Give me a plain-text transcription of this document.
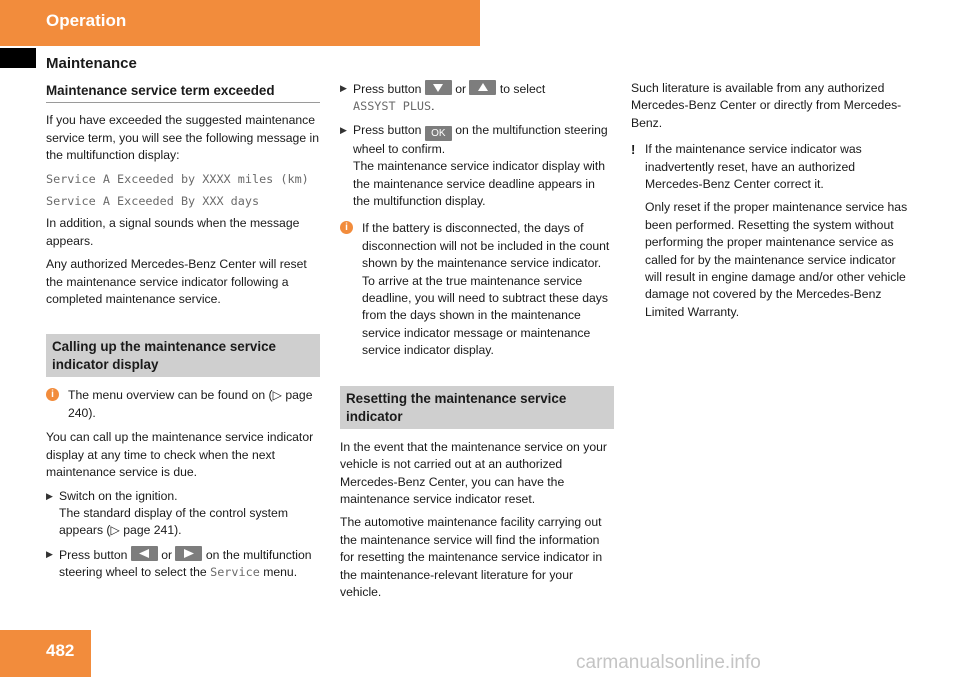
Operation
Maintenance
Maintenance service term exceeded

If you have exceeded the suggested maintenance service term, you will see the following message in the multifunction display:

Service A Exceeded by XXXX miles (km)
Service A Exceeded By XXX days

In addition, a signal sounds when the message appears.

Any authorized Mercedes-Benz Center will reset the maintenance service indicator following a completed maintenance service.

Calling up the maintenance service indicator display
i	The menu overview can be found on (▷ page 240).

You can call up the maintenance service indicator display at any time to check when the next maintenance service is due.

▶ Switch on the ignition.
The standard display of the control system appears (▷ page 241).
▶ Press button	or	on the multifunction steering wheel to select the Service menu.
▶ Press button	or	to select
ASSYST PLUS.
▶ Press button OK on the multifunction steering wheel to confirm.
The maintenance service indicator display with the maintenance service deadline appears in the multifunction display.
i	If the battery is disconnected, the days of disconnection will not be included in the count shown by the maintenance service indicator. To arrive at the true maintenance service deadline, you will need to subtract these days from the days shown in the maintenance service indicator message or maintenance service indicator display.
Resetting the maintenance service indicator

In the event that the maintenance service on your vehicle is not carried out at an authorized Mercedes-Benz Center, you can have the maintenance service indicator reset.

The automotive maintenance facility carrying out the maintenance service will find the information for resetting the maintenance service indicator in the maintenance-relevant literature for your vehicle.

Such literature is available from any authorized Mercedes-Benz Center or directly from Mercedes-Benz.

! If the maintenance service indicator was inadvertently reset, have an authorized Mercedes-Benz Center correct it.

Only reset if the proper maintenance service has been performed. Resetting the system without performing the proper maintenance service as called for by the maintenance service indicator will result in engine damage and/or other vehicle damage not covered by the Mercedes-Benz Limited Warranty.

482
carmanualsonline.info
